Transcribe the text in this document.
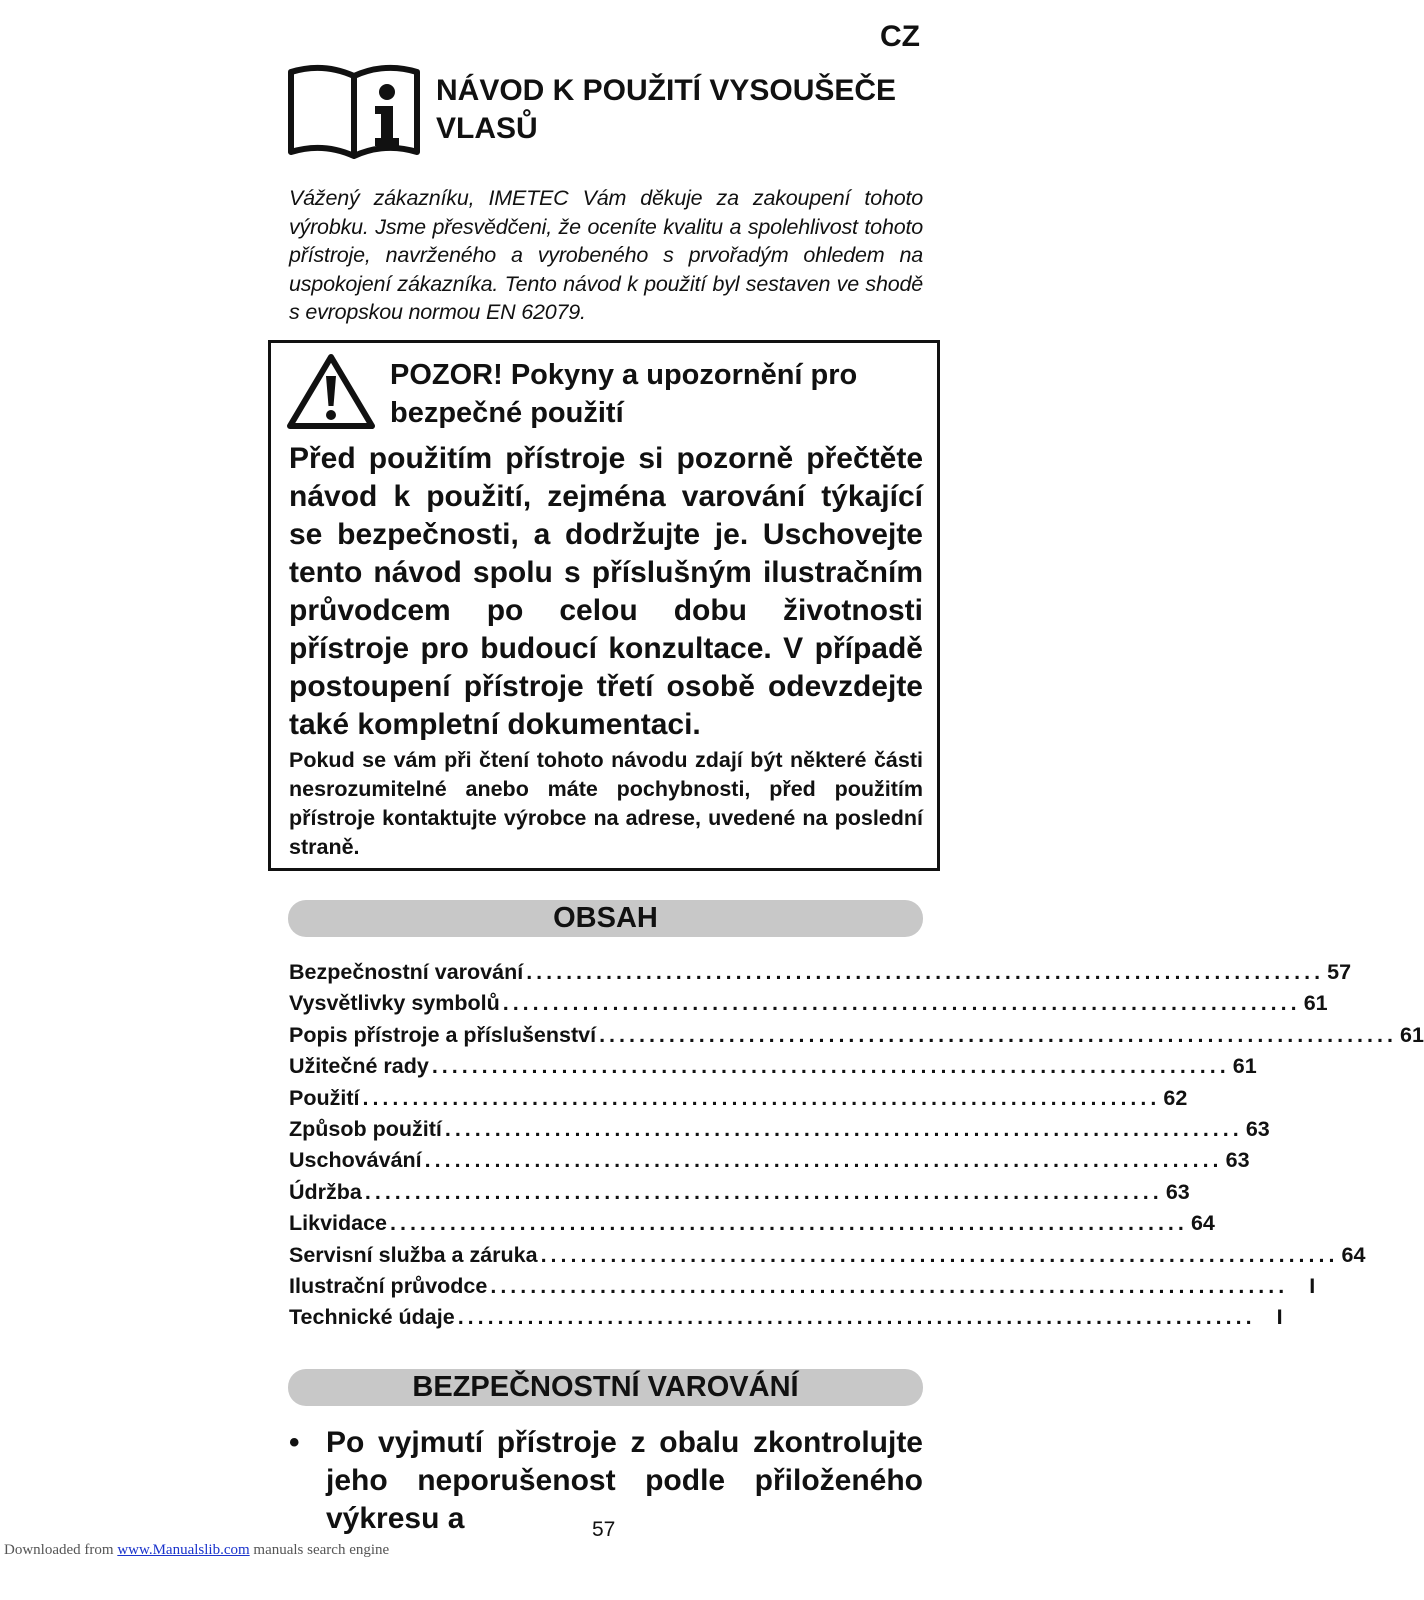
CZ
NÁVOD K POUŽITÍ VYSOUŠEČE
VLASŮ
Vážený zákazníku, IMETEC Vám děkuje za zakoupení tohoto výrobku. Jsme přesvědčeni, že oceníte kvalitu a spolehlivost tohoto přístroje, navrženého a vyrobeného s prvořadým ohledem na uspokojení zákazníka. Tento návod k použití byl sestaven ve shodě s evropskou normou EN 62079.
POZOR! Pokyny a upozornění pro
bezpečné použití
Před použitím přístroje si pozorně přečtěte návod k použití, zejména varování týkající se bezpečnosti, a dodržujte je. Uschovejte tento návod spolu s příslušným ilustračním průvodcem po celou dobu životnosti přístroje pro budoucí konzultace. V případě postoupení přístroje třetí osobě odevzdejte také kompletní dokumentaci.
Pokud se vám při čtení tohoto návodu zdají být některé části nesrozumitelné anebo máte pochybnosti, před použitím přístroje kontaktujte výrobce na adrese, uvedené na poslední straně.
OBSAH
Bezpečnostní varování ................................................................................ 57
Vysvětlivky symbolů ................................................................................ 61
Popis přístroje a příslušenství ................................................................................ 61
Užitečné rady ................................................................................ 61
Použití ................................................................................ 62
Způsob použití ................................................................................ 63
Uschovávání ................................................................................ 63
Údržba ................................................................................ 63
Likvidace ................................................................................ 64
Servisní služba a záruka ................................................................................ 64
Ilustrační průvodce ................................................................................ I
Technické údaje ................................................................................ I
BEZPEČNOSTNÍ VAROVÁNÍ
• Po vyjmutí přístroje z obalu zkontrolujte jeho neporušenost podle přiloženého výkresu a	57
Downloaded from www.Manualslib.com manuals search engine
